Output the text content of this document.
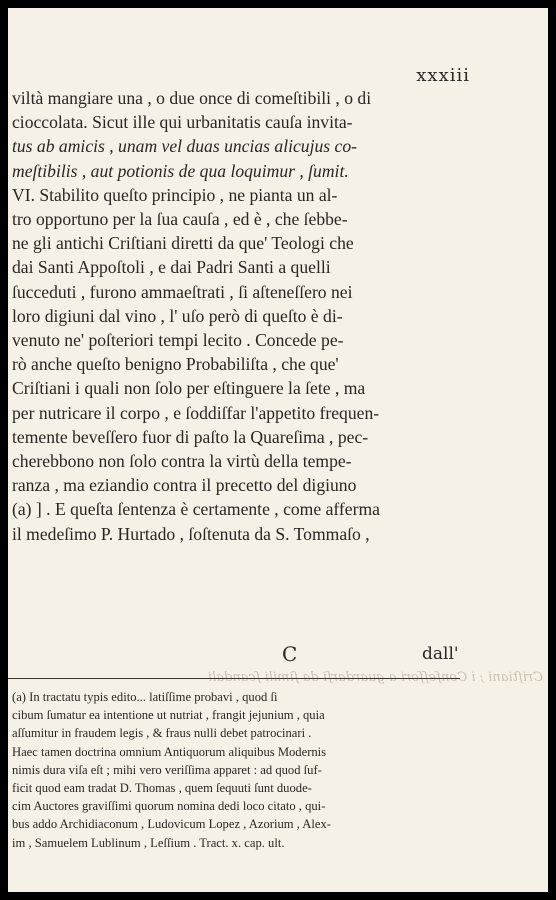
xxxiii
viltà mangiare una , o due once di comeſtibili , o di
cioccolata. Sicut ille qui urbanitatis cauſa invita-
tus ab amicis , unam vel duas uncias alicujus co-
meſtibilis , aut potionis de qua loquimur , ſumit.
VI. Stabilito queſto principio , ne pianta un al-
tro opportuno per la ſua cauſa , ed è , che ſebbe-
ne gli antichi Criſtiani diretti da que' Teologi che
dai Santi Appoſtoli , e dai Padri Santi a quelli
ſucceduti , furono ammaeſtrati , ſi aſteneſſero nei
loro digiuni dal vino , l' uſo però di queſto è di-
venuto ne' poſteriori tempi lecito . Concede pe-
rò anche queſto benigno Probabiliſta , che que'
Criſtiani i quali non ſolo per eſtinguere la ſete , ma
per nutricare il corpo , e ſoddiſfar l'appetito frequen-
temente beveſſero fuor di paſto la Quareſima , pec-
cherebbono non ſolo contra la virtù della tempe-
ranza , ma eziandio contra il precetto del digiuno
(a) ] . E queſta ſentenza è certamente , come afferma
il medeſimo P. Hurtado , ſoſtenuta da S. Tommaſo ,
C	dall'
Criſtiani ; i Confeſſori a guardarſi da ſimili ſcandali
(a) In tractatu typis edito... latiſſime probavi , quod ſi
cibum ſumatur ea intentione ut nutriat , frangit jejunium , quia
aſſumitur in fraudem legis , & fraus nulli debet patrocinari .
Haec tamen doctrina omnium Antiquorum aliquibus Modernis
nimis dura viſa eſt ; mihi vero veriſſima apparet : ad quod ſuf-
ficit quod eam tradat D. Thomas , quem ſequuti ſunt duode-
cim Auctores graviſſimi quorum nomina dedi loco citato , qui-
bus addo Archidiaconum , Ludovicum Lopez , Azorium , Alex-
im , Samuelem Lublinum , Leſſium . Tract. x. cap. ult.
